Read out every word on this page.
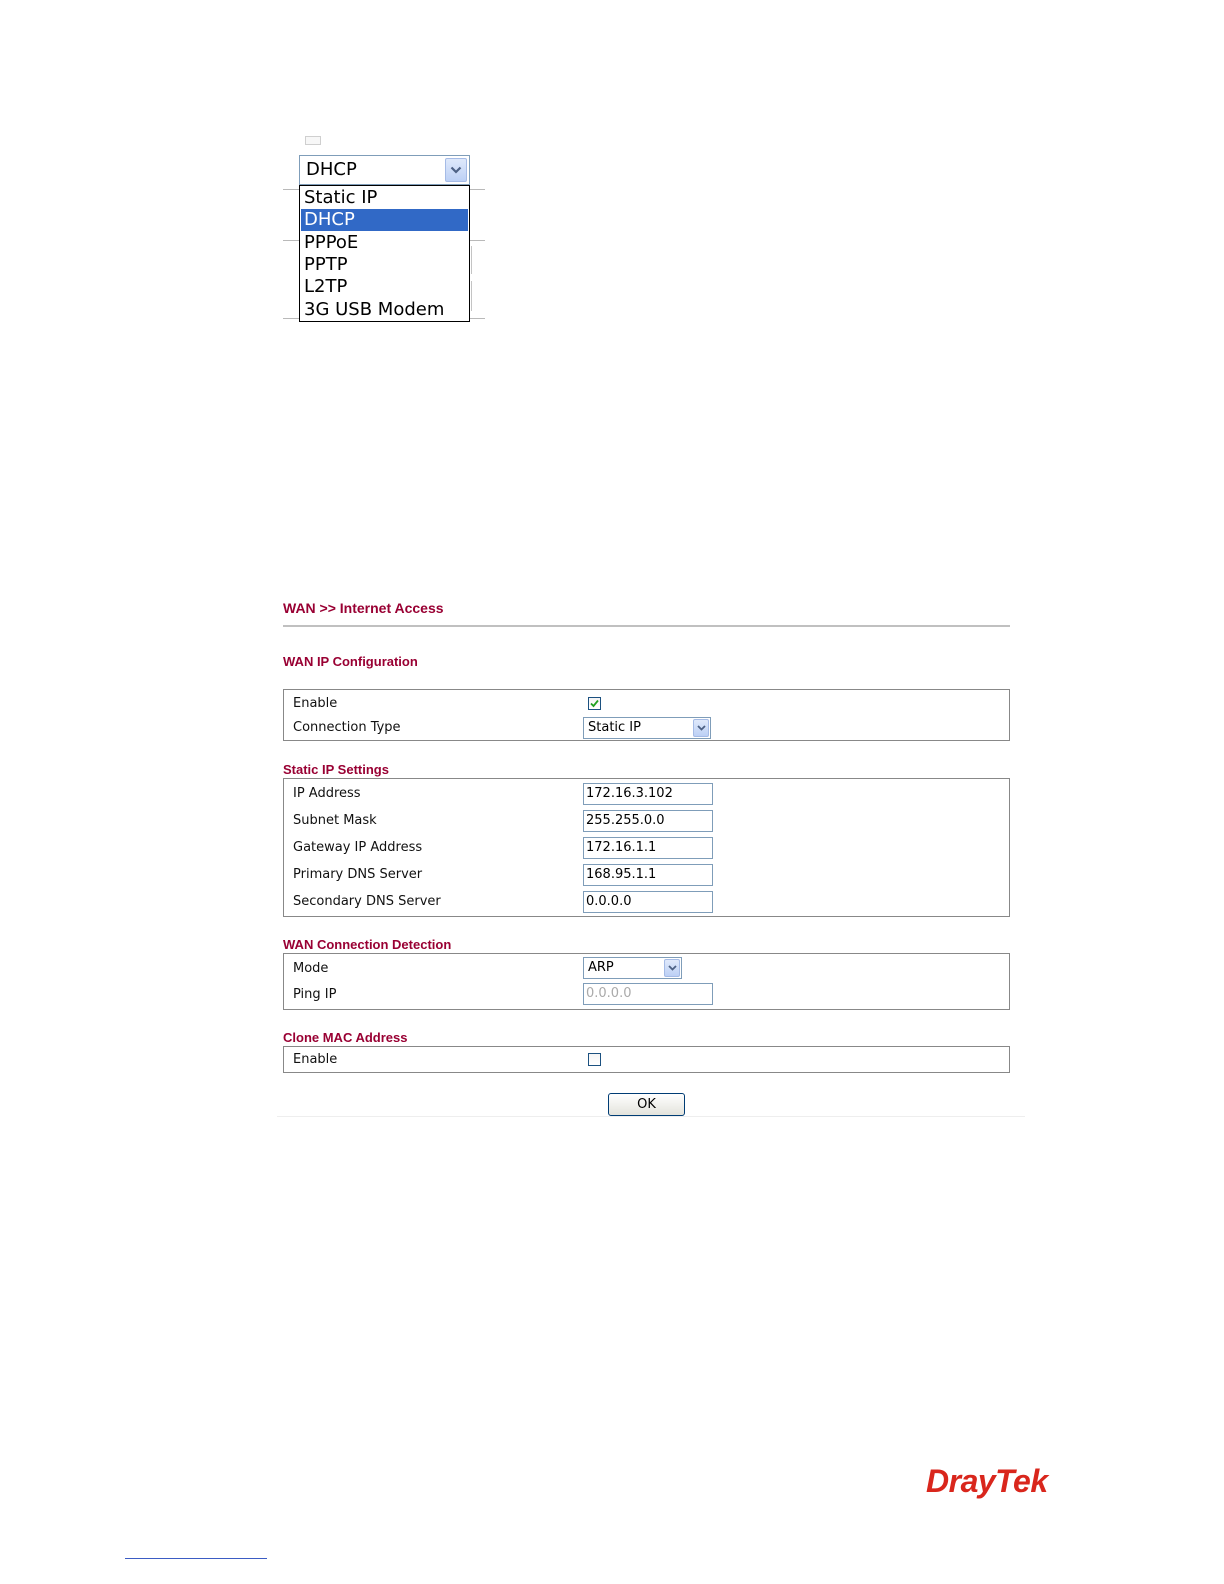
DHCP
Static IP
DHCP
PPPoE
PPTP
L2TP
3G USB Modem
WAN >> Internet Access
WAN IP Configuration
Enable
Connection Type	Static IP
Static IP Settings
IP Address	172.16.3.102
Subnet Mask	255.255.0.0
Gateway IP Address	172.16.1.1
Primary DNS Server	168.95.1.1
Secondary DNS Server	0.0.0.0
WAN Connection Detection
Mode	ARP
Ping IP	0.0.0.0
Clone MAC Address
Enable
OK
DrayTek
